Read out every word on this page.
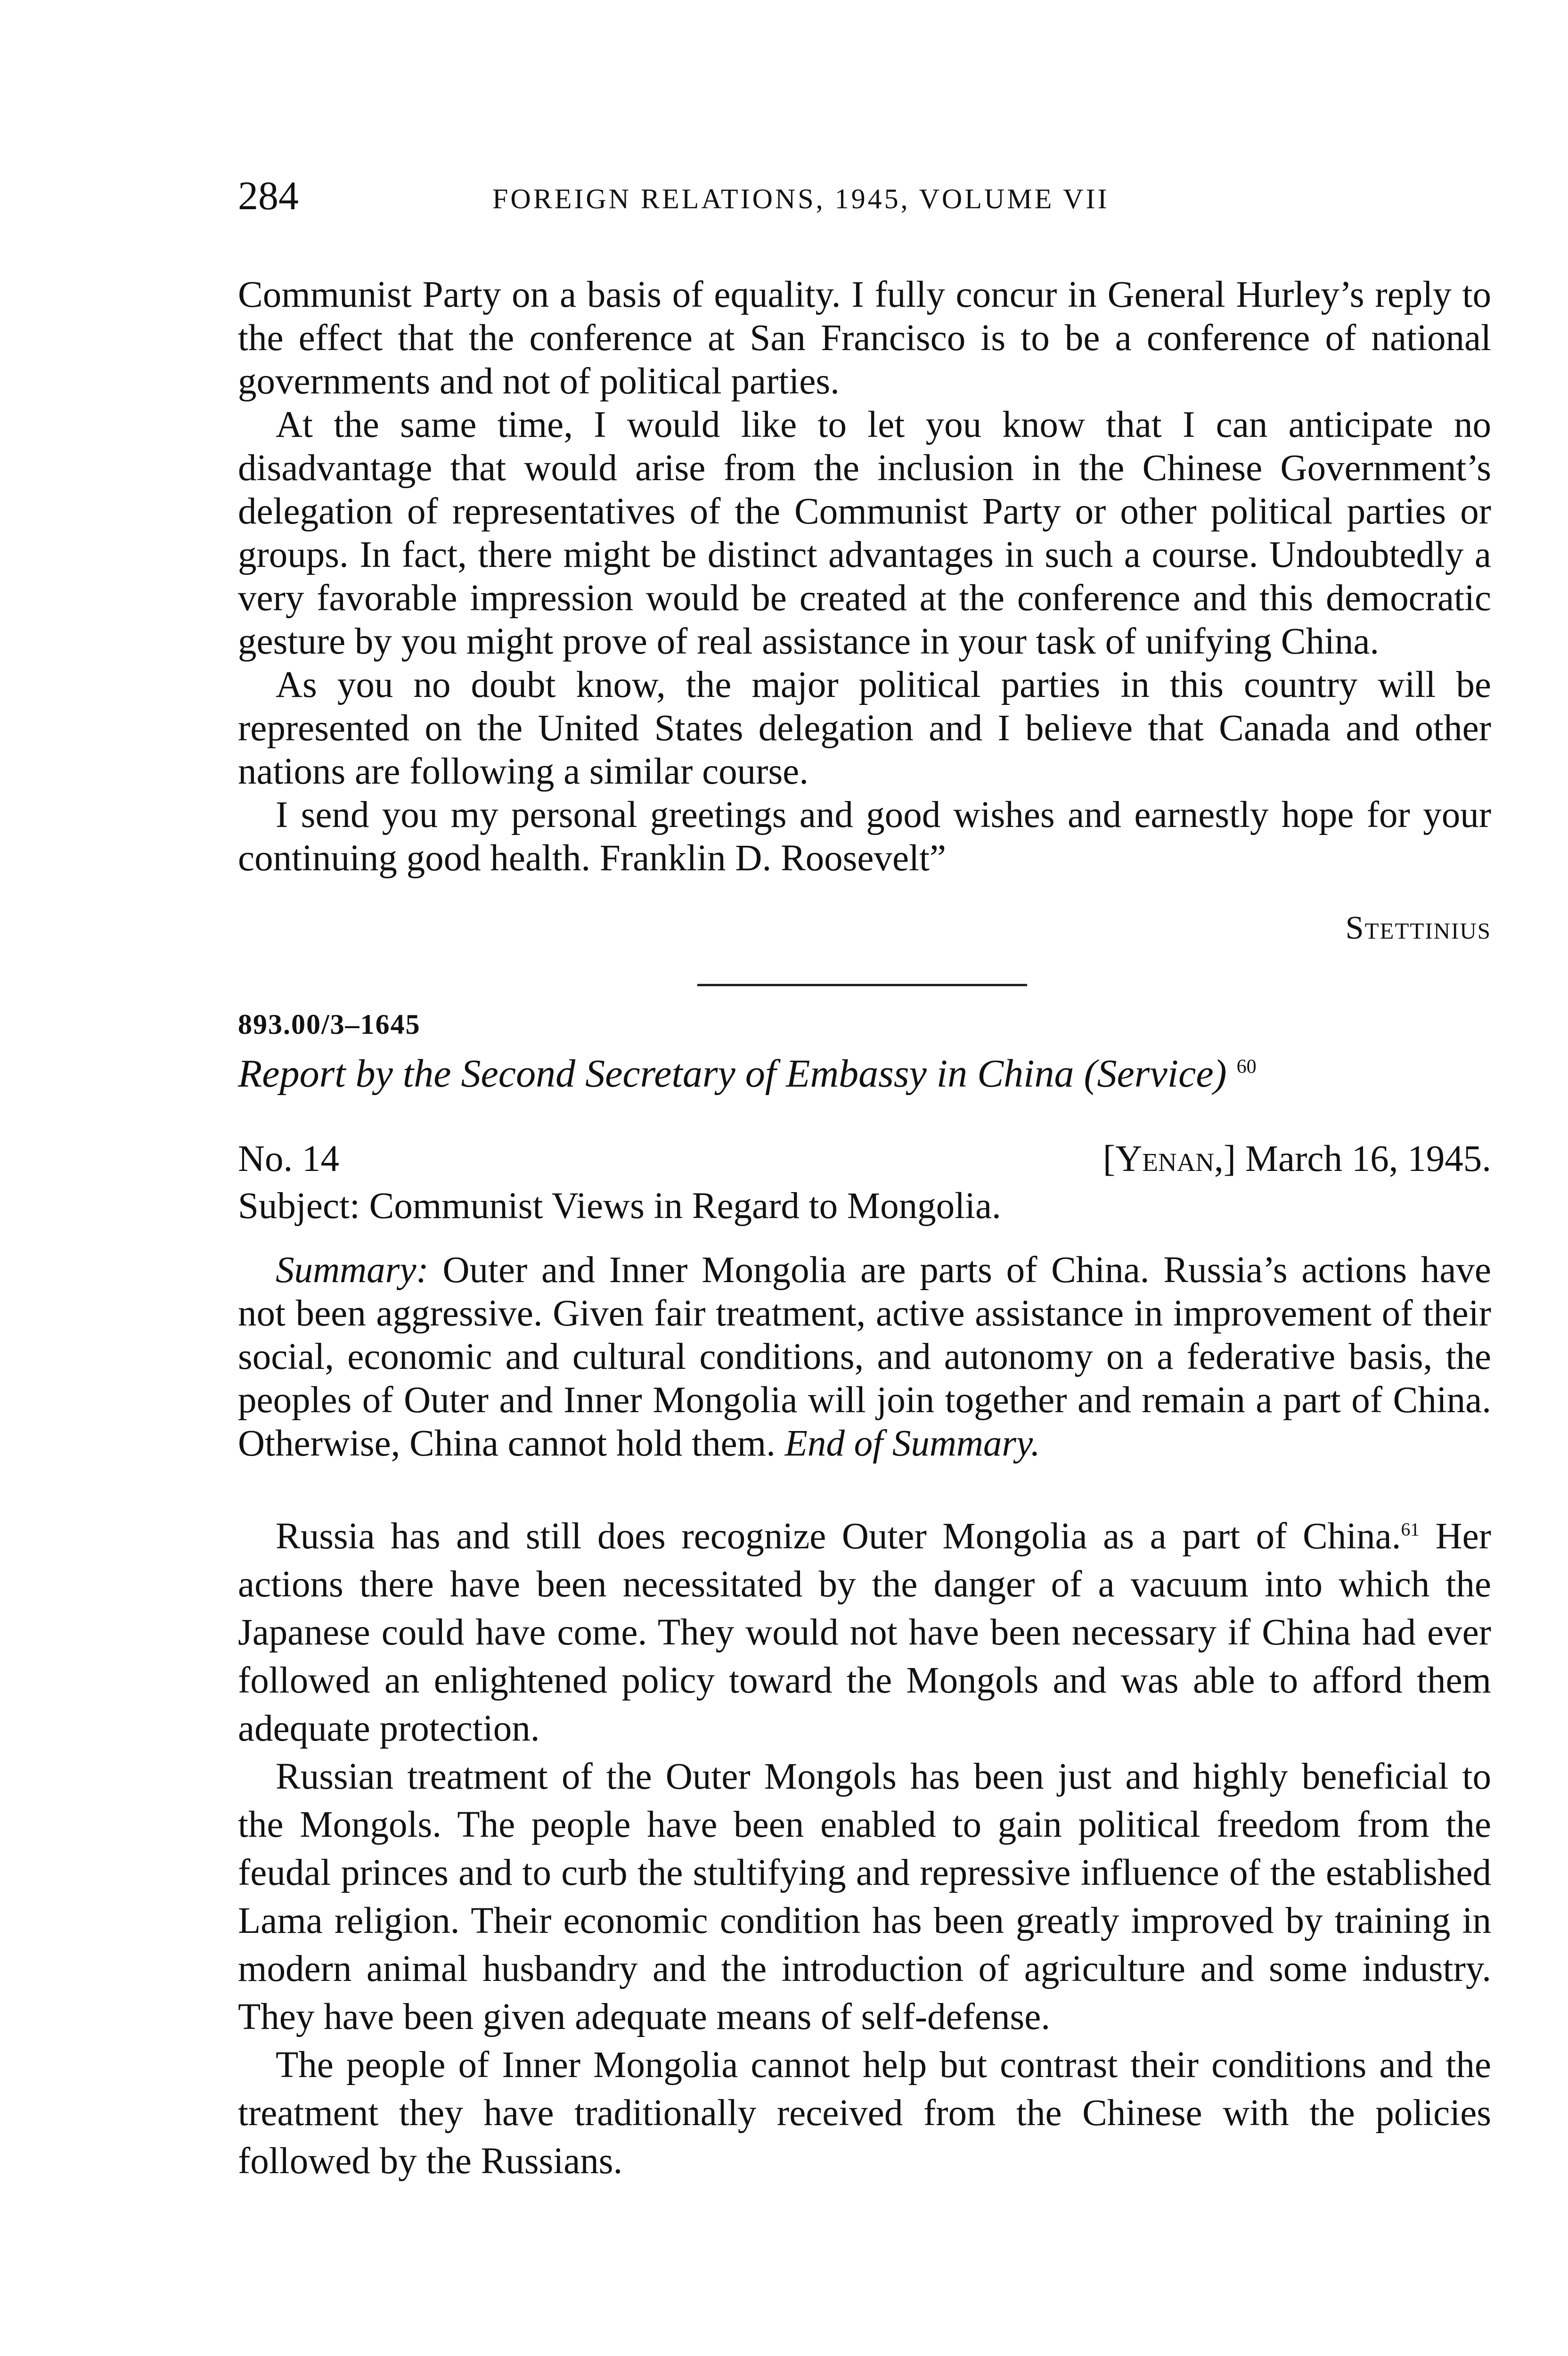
284	FOREIGN RELATIONS, 1945, VOLUME VII

Communist Party on a basis of equality. I fully concur in General Hurley’s reply to the effect that the conference at San Francisco is to be a conference of national governments and not of political parties.

At the same time, I would like to let you know that I can anticipate no disadvantage that would arise from the inclusion in the Chinese Government’s delegation of representatives of the Communist Party or other political parties or groups. In fact, there might be distinct advantages in such a course. Undoubtedly a very favorable impression would be created at the conference and this democratic gesture by you might prove of real assistance in your task of unifying China.

As you no doubt know, the major political parties in this country will be represented on the United States delegation and I believe that Canada and other nations are following a similar course.

I send you my personal greetings and good wishes and earnestly hope for your continuing good health. Franklin D. Roosevelt”

Stettinius
893.00/3–1645
Report by the Second Secretary of Embassy in China (Service) $^{60}$
No. 14	[Yenan,] March 16, 1945.
Subject: Communist Views in Regard to Mongolia.

Summary: Outer and Inner Mongolia are parts of China. Russia’s actions have not been aggressive. Given fair treatment, active assistance in improvement of their social, economic and cultural conditions, and autonomy on a federative basis, the peoples of Outer and Inner Mongolia will join together and remain a part of China. Otherwise, China cannot hold them. End of Summary.

Russia has and still does recognize Outer Mongolia as a part of China.$^{61}$ Her actions there have been necessitated by the danger of a vacuum into which the Japanese could have come. They would not have been necessary if China had ever followed an enlightened policy toward the Mongols and was able to afford them adequate protection.

Russian treatment of the Outer Mongols has been just and highly beneficial to the Mongols. The people have been enabled to gain political freedom from the feudal princes and to curb the stultifying and repressive influence of the established Lama religion. Their economic condition has been greatly improved by training in modern animal husbandry and the introduction of agriculture and some industry. They have been given adequate means of self-defense.

The people of Inner Mongolia cannot help but contrast their conditions and the treatment they have traditionally received from the Chinese with the policies followed by the Russians.
